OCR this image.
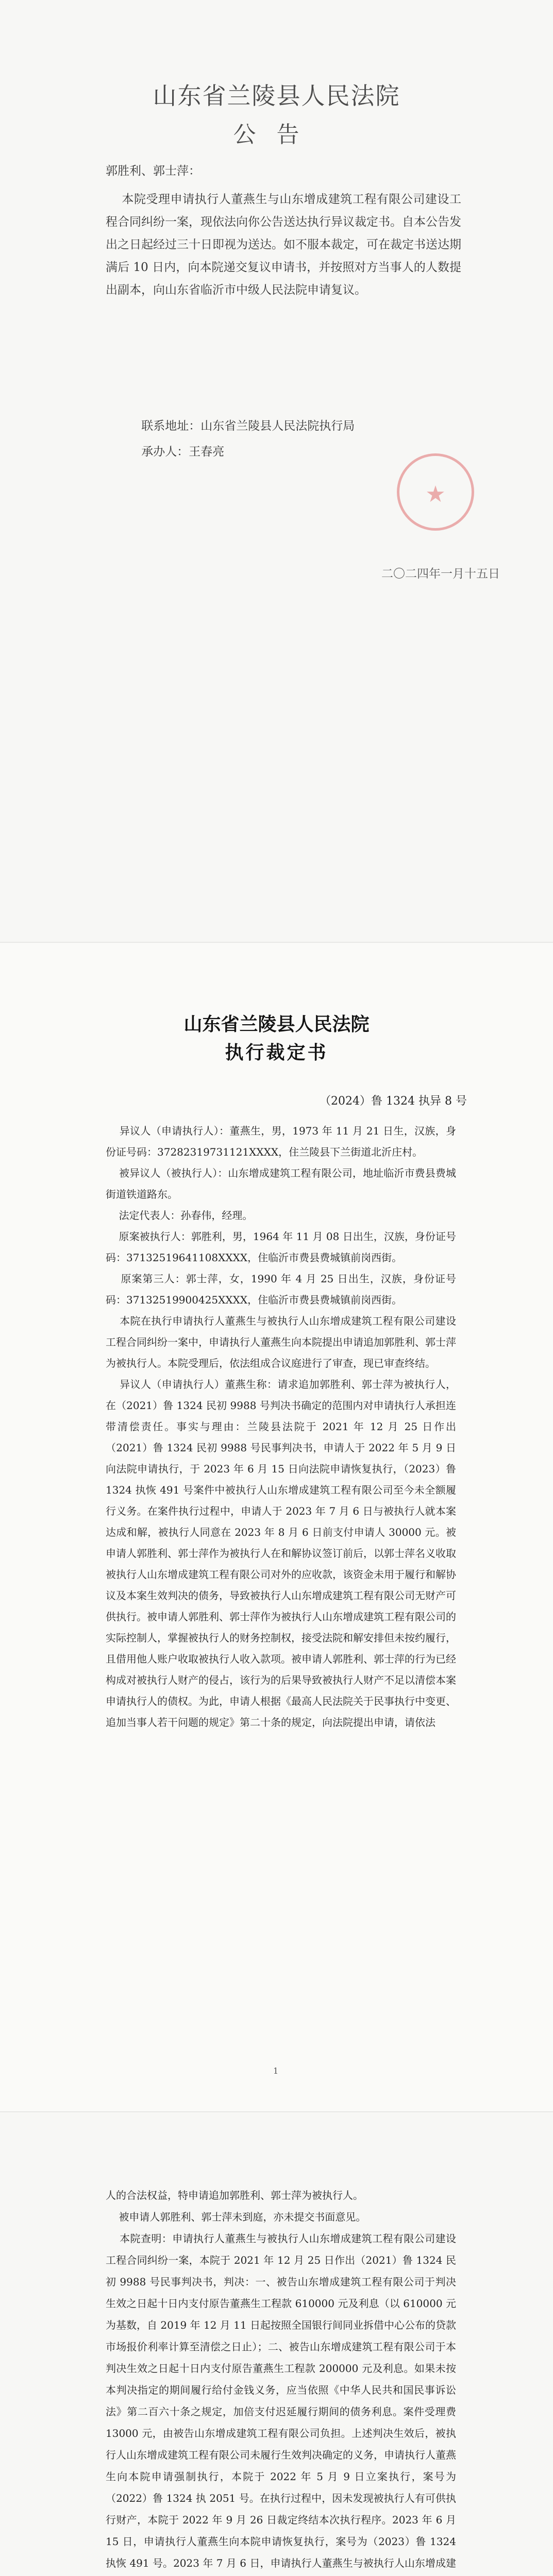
山东省兰陵县人民法院
公告
郭胜利、郭士萍：
本院受理申请执行人董燕生与山东增成建筑工程有限公司建设工程合同纠纷一案，现依法向你公告送达执行异议裁定书。自本公告发出之日起经过三十日即视为送达。如不服本裁定，可在裁定书送达期满后 10 日内，向本院递交复议申请书，并按照对方当事人的人数提出副本，向山东省临沂市中级人民法院申请复议。
联系地址：山东省兰陵县人民法院执行局
承办人：王春亮
★
二〇二四年一月十五日
山东省兰陵县人民法院
执行裁定书
（2024）鲁 1324 执异 8 号
异议人（申请执行人）：董燕生，男，1973 年 11 月 21 日生，汉族，身份证号码：37282319731121XXXX，住兰陵县下兰街道北沂庄村。
被异议人（被执行人）：山东增成建筑工程有限公司，地址临沂市费县费城街道铁道路东。
法定代表人：孙春伟，经理。
原案被执行人：郭胜利，男，1964 年 11 月 08 日出生，汉族，身份证号码：37132519641108XXXX，住临沂市费县费城镇前岗西街。
原案第三人：郭士萍，女，1990 年 4 月 25 日出生，汉族，身份证号码：37132519900425XXXX，住临沂市费县费城镇前岗西街。
本院在执行申请执行人董燕生与被执行人山东增成建筑工程有限公司建设工程合同纠纷一案中，申请执行人董燕生向本院提出申请追加郭胜利、郭士萍为被执行人。本院受理后，依法组成合议庭进行了审查，现已审查终结。
异议人（申请执行人）董燕生称：请求追加郭胜利、郭士萍为被执行人，在（2021）鲁 1324 民初 9988 号判决书确定的范围内对申请执行人承担连带清偿责任。事实与理由：兰陵县法院于 2021 年 12 月 25 日作出（2021）鲁 1324 民初 9988 号民事判决书，申请人于 2022 年 5 月 9 日向法院申请执行，于 2023 年 6 月 15 日向法院申请恢复执行，（2023）鲁 1324 执恢 491 号案件中被执行人山东增成建筑工程有限公司至今未全额履行义务。在案件执行过程中，申请人于 2023 年 7 月 6 日与被执行人就本案达成和解，被执行人同意在 2023 年 8 月 6 日前支付申请人 30000 元。被申请人郭胜利、郭士萍作为被执行人在和解协议签订前后，以郭士萍名义收取被执行人山东增成建筑工程有限公司对外的应收款，该资金未用于履行和解协议及本案生效判决的债务，导致被执行人山东增成建筑工程有限公司无财产可供执行。被申请人郭胜利、郭士萍作为被执行人山东增成建筑工程有限公司的实际控制人，掌握被执行人的财务控制权，接受法院和解安排但未按约履行，且借用他人账户收取被执行人收入款项。被申请人郭胜利、郭士萍的行为已经构成对被执行人财产的侵占，该行为的后果导致被执行人财产不足以清偿本案申请执行人的债权。为此，申请人根据《最高人民法院关于民事执行中变更、追加当事人若干问题的规定》第二十条的规定，向法院提出申请，请依法
1
人的合法权益，特申请追加郭胜利、郭士萍为被执行人。
被申请人郭胜利、郭士萍未到庭，亦未提交书面意见。
本院查明：申请执行人董燕生与被执行人山东增成建筑工程有限公司建设工程合同纠纷一案，本院于 2021 年 12 月 25 日作出（2021）鲁 1324 民初 9988 号民事判决书，判决：一、被告山东增成建筑工程有限公司于判决生效之日起十日内支付原告董燕生工程款 610000 元及利息（以 610000 元为基数，自 2019 年 12 月 11 日起按照全国银行间同业拆借中心公布的贷款市场报价利率计算至清偿之日止）；二、被告山东增成建筑工程有限公司于本判决生效之日起十日内支付原告董燕生工程款 200000 元及利息。如果未按本判决指定的期间履行给付金钱义务，应当依照《中华人民共和国民事诉讼法》第二百六十条之规定，加倍支付迟延履行期间的债务利息。案件受理费 13000 元，由被告山东增成建筑工程有限公司负担。上述判决生效后，被执行人山东增成建筑工程有限公司未履行生效判决确定的义务，申请执行人董燕生向本院申请强制执行，本院于 2022 年 5 月 9 日立案执行，案号为（2022）鲁 1324 执 2051 号。在执行过程中，因未发现被执行人有可供执行财产，本院于 2022 年 9 月 26 日裁定终结本次执行程序。2023 年 6 月 15 日，申请执行人董燕生向本院申请恢复执行，案号为（2023）鲁 1324 执恢 491 号。2023 年 7 月 6 日，申请执行人董燕生与被执行人山东增成建
